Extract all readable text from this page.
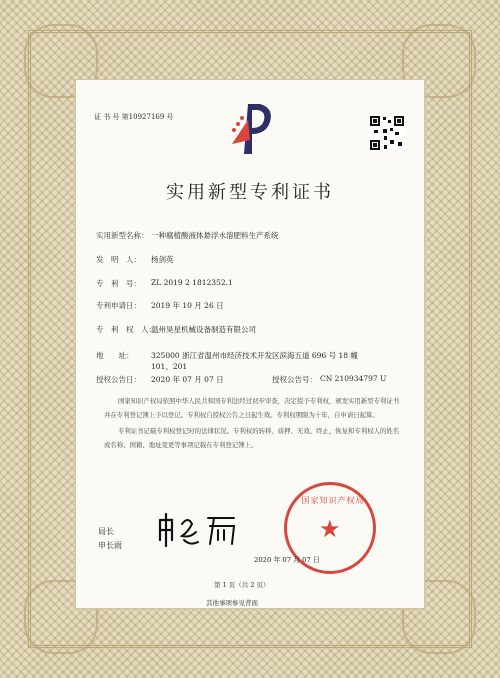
证 书 号 第10927169 号
实用新型专利证书
实用新型名称： 一种腐植酸液体悬浮水溶肥料生产系统
发　明　人： 杨剑英
专　利　号： ZL 2019 2 1812352.1
专利申请日： 2019 年 10 月 26 日
专　利　权　人：
温州昊星机械设备制造有限公司
地　　址： 325000 浙江省温州市经济技术开发区滨海五道 696 号 18 幢
101、201
授权公告日： 2020 年 07 月 07 日	授权公告号： CN 210934797 U
国家知识产权局依照中华人民共和国专利法经过初步审查，决定授予专利权，颁发实用新型专利证书并在专利登记簿上予以登记。专利权自授权公告之日起生效。专利权期限为十年，自申请日起算。
专利证书记载专利权登记时的法律状况。专利权的转移、质押、无效、终止、恢复和专利权人的姓名或名称、国籍、地址变更等事项记载在专利登记簿上。
局长
申长雨
国家知识产权局
★
2020 年 07 月 07 日
第 1 页（共 2 页）
其他事项参见背面
